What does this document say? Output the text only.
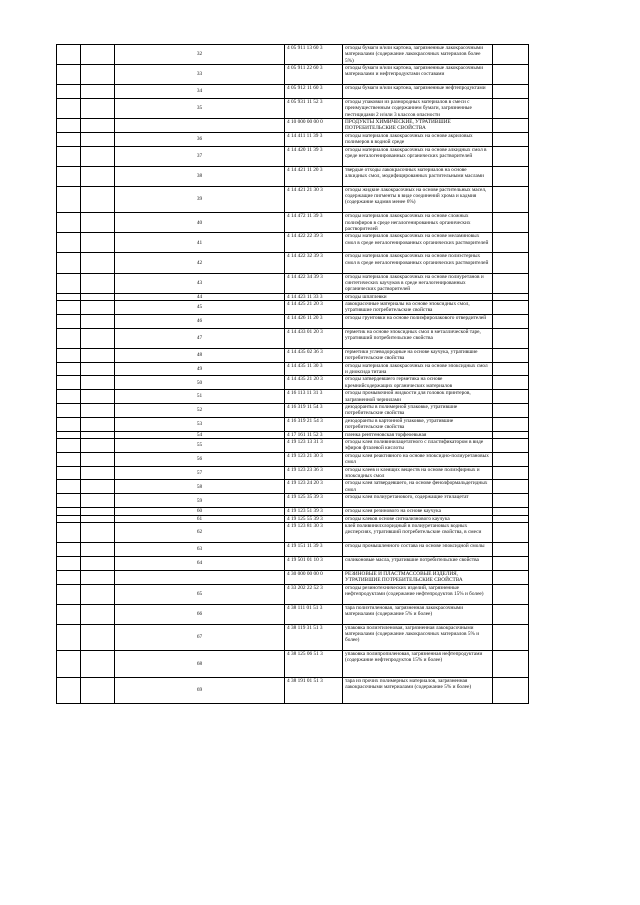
		32	4 05 911 13 60 3	отходы бумаги и/или картона, загрязненные лакокрасочными материалами (содержание лакокрасочных материалов более 5%)	
		33	4 05 911 22 60 3	отходы бумаги и/или картона, загрязненные лакокрасочными материалами и нефтепродуктами составами	
		34	4 05 912 11 60 3	отходы бумаги и/или картона, загрязненные нефтепродуктами	
		35	4 05 931 11 52 3	отходы упаковки из разнородных материалов в смеси с преимущественным содержанием бумаги, загрязненные пестицидами 2 и/или 3 классов опасности	
			4 10 000 00 00 0	ПРОДУКТЫ ХИМИЧЕСКИЕ, УТРАТИВШИЕ ПОТРЕБИТЕЛЬСКИЕ СВОЙСТВА	
		36	4 14 411 11 39 3	отходы материалов лакокрасочных на основе акриловых полимеров в водной среде	
		37	4 14 420 11 39 3	отходы материалов лакокрасочных на основе алкидных смол в среде негалогенированных органических растворителей	
		38	4 14 421 11 20 3	твердые отходы лакокрасочных материалов на основе алкидных смол, модифицированных растительными маслами	
		39	4 14 421 21 30 3	отходы жидкие лакокрасочных на основе растительных масел, содержащие пигменты в виде соединений хрома и кадмия (содержание кадмия менее 6%)	
		40	4 14 472 11 39 3	отходы материалов лакокрасочных на основе сложных полиэфиров в среде негалогенированных органических растворителей	
		41	4 14 422 22 39 3	отходы материалов лакокрасочных на основе меламиновых смол в среде негалогенированных органических растворителей	
		42	4 14 422 32 39 3	отходы материалов лакокрасочных на основе полиэстерных смол в среде негалогенированных органических растворителей	
		43	4 14 422 34 39 3	отходы материалов лакокрасочных на основе полиуретанов и синтетических каучуков в среде негалогенированных органических растворителей	
		44	4 14 423 11 33 3	отходы шпатлевки	
		45	4 14 425 21 20 3	лакокрасочные материалы на основе эпоксидных смол, утратившие потребительские свойства	
		46	4 14 426 11 20 3	отходы грунтовки на основе полиэфиролакового отвердителей	
		47	4 14 433 01 20 3	герметик на основе эпоксидных смол в металлической таре, утративший потребительские свойства	
		48	4 14 435 02 36 3	герметики углеводородные на основе каучука, утратившие потребительские свойства	
		49	4 14 435 11 30 3	отходы материалов лакокрасочных на основе эпоксидных смол и диоксида титана	
		50	4 14 435 21 20 3	отходы затвердевшего герметика на основе кремнийсодержащих органических материалов	
		51	4 16 113 11 31 3	отходы промывочной жидкости для головок принтеров, загрязненной чернилами	
		52	4 16 319 11 54 3	дезодоранты в полимерной упаковке, утратившие потребительские свойства	
		53	4 16 319 21 54 3	дезодоранты в картонной упаковке, утратившие потребительские свойства	
		54	4 17 161 11 52 3	пленка рентгеновская торфеоевьная	
		55	4 19 123 13 31 3	отходы клея поливинилацетатного с пластификатором в виде эфиров фталевой кислоты	
		56	4 19 123 21 30 3	отходы клея реактивного на основе эпоксидно-полиуретановых смол	
		57	4 19 123 23 36 3	отходы клеев и клеящих веществ на основе полиэфирных и эпоксидных смол	
		58	4 19 123 24 20 3	отходы клея затвердевшего, на основе фенолформальдегидных смол	
		59	4 19 125 35 39 3	отходы клея полиуретанового, содержащие этилацетат	
		60	4 19 123 51 39 3	отходы клея резинового на основе каучука	
		61	4 19 125 55 39 3	отходы клеков основе сигнализнового каучука	
		62	4 19 123 81 30 3	клей поливинилхлоридный в полиуретановых водных дисперсиях, утративший потребительские свойства, в смеси	
		63	4 19 151 11 39 3	отходы промышленного состава на основе эпоксидной смолы	
		64	4 19 501 01 10 3	силиконовые масла, утратившие потребительские свойства	
			4 30 000 00 00 0	РЕЗИНОВЫЕ И ПЛАСТМАССОВЫЕ ИЗДЕЛИЯ, УТРАТИВШИЕ ПОТРЕБИТЕЛЬСКИЕ СВОЙСТВА	
		65	4 33 202 22 52 3	отходы резинотехнических изделий, загрязненные нефтепродуктами (содержание нефтепродуктов 15% и более)	
		66	4 38 111 01 51 3	тара полиэтиленовая, загрязненная лакокрасочными материалами (содержание 5% и более)	
		67	4 38 119 31 51 3	упаковка полиэтиленовая, загрязненная лакокрасочными материалами (содержание лакокрасочных материалов 5% и более)	
		68	4 38 125 06 51 3	упаковка полипропиленовая, загрязненная нефтепродуктами (содержание нефтепродуктов 15% и более)	
		69	4 38 191 01 51 3	тара из прочих полимерных материалов, загрязненная лакокрасочными материалами (содержание 5% и более)	
